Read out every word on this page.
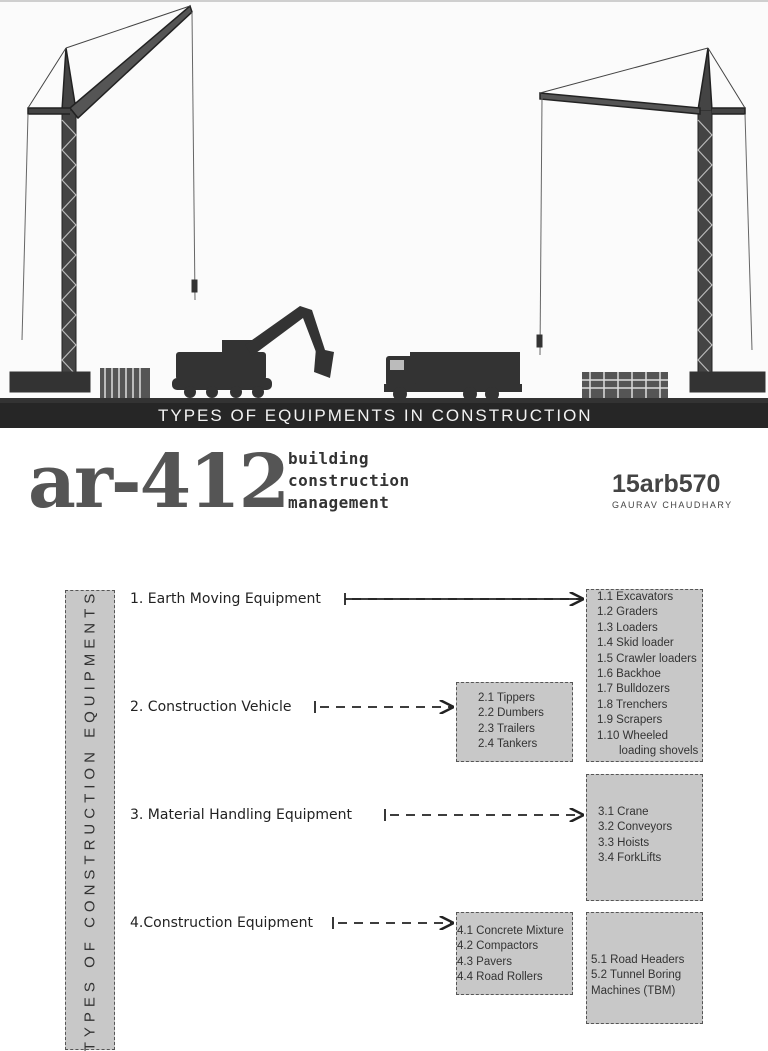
TYPES OF EQUIPMENTS IN CONSTRUCTION
ar-412 building
construction
management
15arb570
GAURAV CHAUDHARY
TYPES OF CONSTRUCTION EQUIPMENTS 1. Earth Moving Equipment
2. Construction Vehicle
3. Material Handling Equipment
4.Construction Equipment
1.1 Excavators
1.2 Graders
1.3 Loaders
1.4 Skid loader
1.5 Crawler loaders
1.6 Backhoe
1.7 Bulldozers
1.8 Trenchers
1.9 Scrapers
1.10 Wheeled
loading shovels
2.1 Tippers
2.2 Dumbers
2.3 Trailers
2.4 Tankers
3.1 Crane
3.2 Conveyors
3.3 Hoists
3.4 ForkLifts
4.1 Concrete Mixture
4.2 Compactors
4.3 Pavers
4.4 Road Rollers
5.1 Road Headers
5.2 Tunnel Boring
Machines (TBM)
